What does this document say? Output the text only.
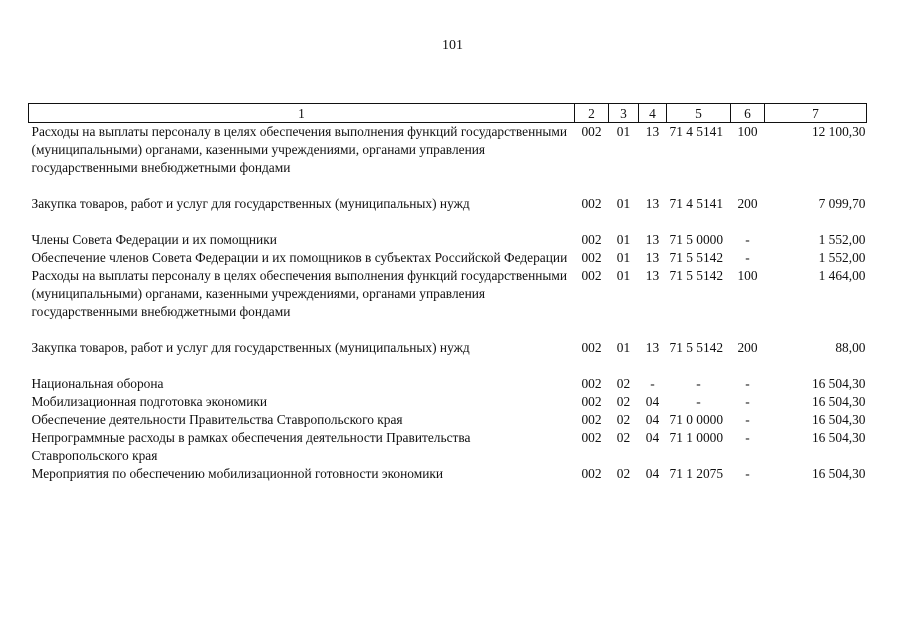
101
1	2	3	4	5	6	7
Расходы на выплаты персоналу в целях обеспечения выполнения функций государственными (муниципальными) органами, казенными учреждениями, органами управления государственными внебюджетными фондами	002	01	13	71 4 5141	100	12 100,30
Закупка товаров, работ и услуг для государственных (муниципальных) нужд	002	01	13	71 4 5141	200	7 099,70
Члены Совета Федерации и их помощники	002	01	13	71 5 0000	-	1 552,00
Обеспечение членов Совета Федерации и их помощников в субъектах Российской Федерации	002	01	13	71 5 5142	-	1 552,00
Расходы на выплаты персоналу в целях обеспечения выполнения функций государственными (муниципальными) органами, казенными учреждениями, органами управления государственными внебюджетными фондами	002	01	13	71 5 5142	100	1 464,00
Закупка товаров, работ и услуг для государственных (муниципальных) нужд	002	01	13	71 5 5142	200	88,00
Национальная оборона	002	02	-	-	-	16 504,30
Мобилизационная подготовка экономики	002	02	04	-	-	16 504,30
Обеспечение деятельности Правительства Ставропольского края	002	02	04	71 0 0000	-	16 504,30
Непрограммные расходы в рамках обеспечения деятельности Правительства Ставропольского края	002	02	04	71 1 0000	-	16 504,30
Мероприятия по обеспечению мобилизационной готовности экономики	002	02	04	71 1 2075	-	16 504,30
